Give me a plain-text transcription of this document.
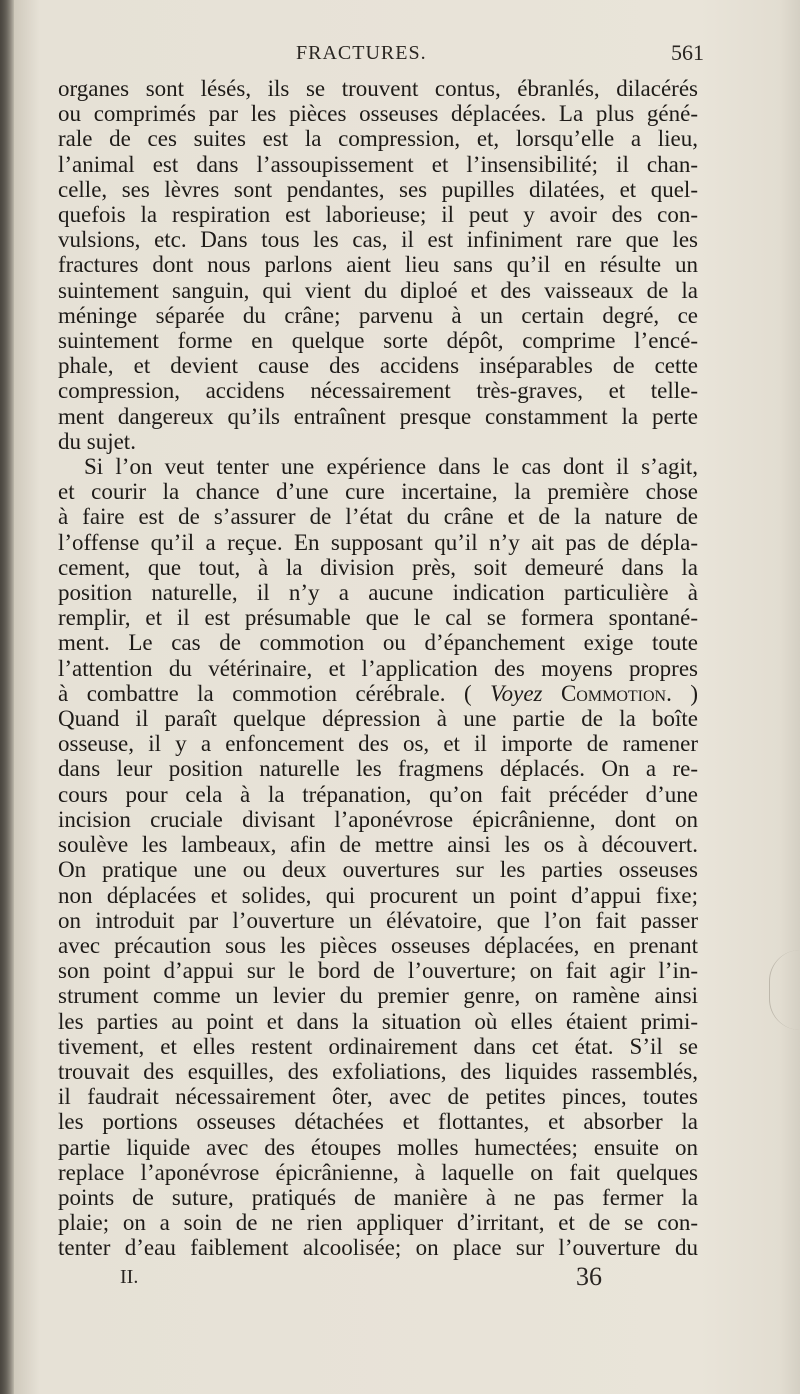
FRACTURES.	561
organes sont lésés, ils se trouvent contus, ébranlés, dilacérés
ou comprimés par les pièces osseuses déplacées. La plus géné-
rale de ces suites est la compression, et, lorsqu’elle a lieu,
l’animal est dans l’assoupissement et l’insensibilité; il chan-
celle, ses lèvres sont pendantes, ses pupilles dilatées, et quel-
quefois la respiration est laborieuse; il peut y avoir des con-
vulsions, etc. Dans tous les cas, il est infiniment rare que les
fractures dont nous parlons aient lieu sans qu’il en résulte un
suintement sanguin, qui vient du diploé et des vaisseaux de la
méninge séparée du crâne; parvenu à un certain degré, ce
suintement forme en quelque sorte dépôt, comprime l’encé-
phale, et devient cause des accidens inséparables de cette
compression, accidens nécessairement très-graves, et telle-
ment dangereux qu’ils entraînent presque constamment la perte
du sujet.
Si l’on veut tenter une expérience dans le cas dont il s’agit,
et courir la chance d’une cure incertaine, la première chose
à faire est de s’assurer de l’état du crâne et de la nature de
l’offense qu’il a reçue. En supposant qu’il n’y ait pas de dépla-
cement, que tout, à la division près, soit demeuré dans la
position naturelle, il n’y a aucune indication particulière à
remplir, et il est présumable que le cal se formera spontané-
ment. Le cas de commotion ou d’épanchement exige toute
l’attention du vétérinaire, et l’application des moyens propres
à combattre la commotion cérébrale. ( Voyez Commotion. )
Quand il paraît quelque dépression à une partie de la boîte
osseuse, il y a enfoncement des os, et il importe de ramener
dans leur position naturelle les fragmens déplacés. On a re-
cours pour cela à la trépanation, qu’on fait précéder d’une
incision cruciale divisant l’aponévrose épicrânienne, dont on
soulève les lambeaux, afin de mettre ainsi les os à découvert.
On pratique une ou deux ouvertures sur les parties osseuses
non déplacées et solides, qui procurent un point d’appui fixe;
on introduit par l’ouverture un élévatoire, que l’on fait passer
avec précaution sous les pièces osseuses déplacées, en prenant
son point d’appui sur le bord de l’ouverture; on fait agir l’in-
strument comme un levier du premier genre, on ramène ainsi
les parties au point et dans la situation où elles étaient primi-
tivement, et elles restent ordinairement dans cet état. S’il se
trouvait des esquilles, des exfoliations, des liquides rassemblés,
il faudrait nécessairement ôter, avec de petites pinces, toutes
les portions osseuses détachées et flottantes, et absorber la
partie liquide avec des étoupes molles humectées; ensuite on
replace l’aponévrose épicrânienne, à laquelle on fait quelques
points de suture, pratiqués de manière à ne pas fermer la
plaie; on a soin de ne rien appliquer d’irritant, et de se con-
tenter d’eau faiblement alcoolisée; on place sur l’ouverture du
II.	36
